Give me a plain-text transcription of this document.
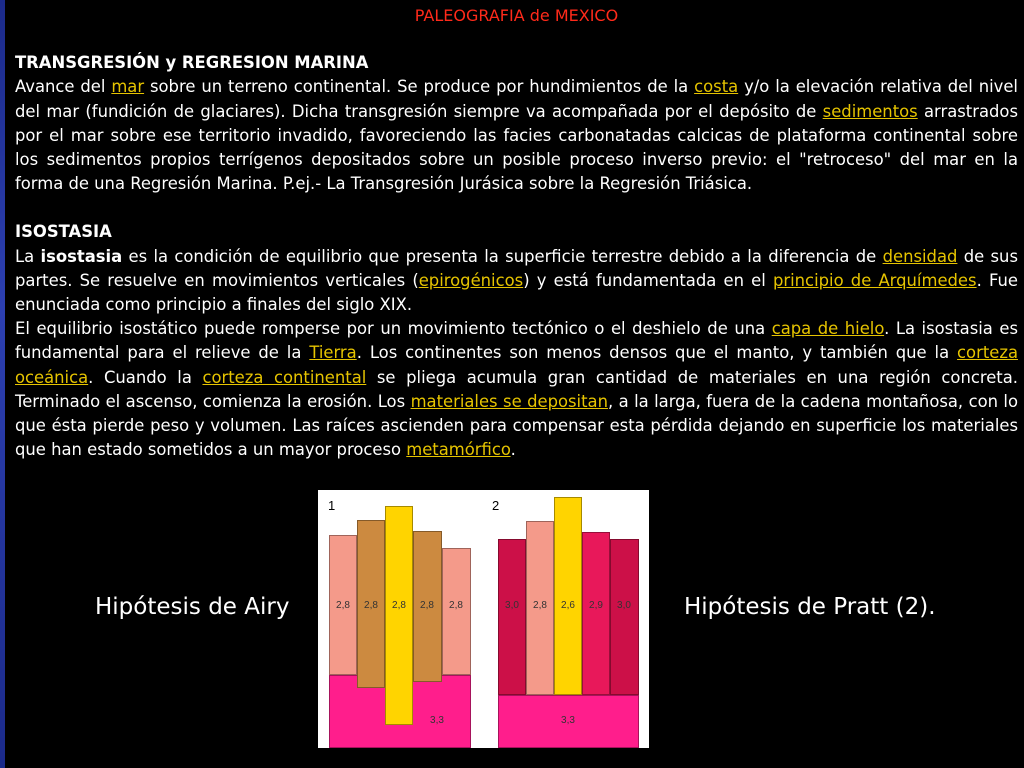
PALEOGRAFIA de MEXICO

TRANSGRESIÓN y REGRESION MARINA

Avance del mar sobre un terreno continental. Se produce por hundimientos de la costa y/o la elevación relativa del nivel del mar (fundición de glaciares). Dicha transgresión siempre va acompañada por el depósito de sedimentos arrastrados por el mar sobre ese territorio invadido, favoreciendo las facies carbonatadas calcicas de plataforma continental sobre los sedimentos propios terrígenos depositados sobre un posible proceso inverso previo: el "retroceso" del mar en la forma de una Regresión Marina. P.ej.- La Transgresión Jurásica sobre la Regresión Triásica.

ISOSTASIA

La isostasia es la condición de equilibrio que presenta la superficie terrestre debido a la diferencia de densidad de sus partes. Se resuelve en movimientos verticales (epirogénicos) y está fundamentada en el principio de Arquímedes. Fue enunciada como principio a finales del siglo XIX.

El equilibrio isostático puede romperse por un movimiento tectónico o el deshielo de una capa de hielo. La isostasia es fundamental para el relieve de la Tierra. Los continentes son menos densos que el manto, y también que la corteza oceánica. Cuando la corteza continental se pliega acumula gran cantidad de materiales en una región concreta. Terminado el ascenso, comienza la erosión. Los materiales se depositan, a la larga, fuera de la cadena montañosa, con lo que ésta pierde peso y volumen. Las raíces ascienden para compensar esta pérdida dejando en superficie los materiales que han estado sometidos a un mayor proceso metamórfico.

Hipótesis de Airy	Hipótesis de Pratt (2).
1
2,8	2,8	2,8	2,8	2,8
3,3
2
3,0	2,8	2,6	2,9	3,0
3,3
